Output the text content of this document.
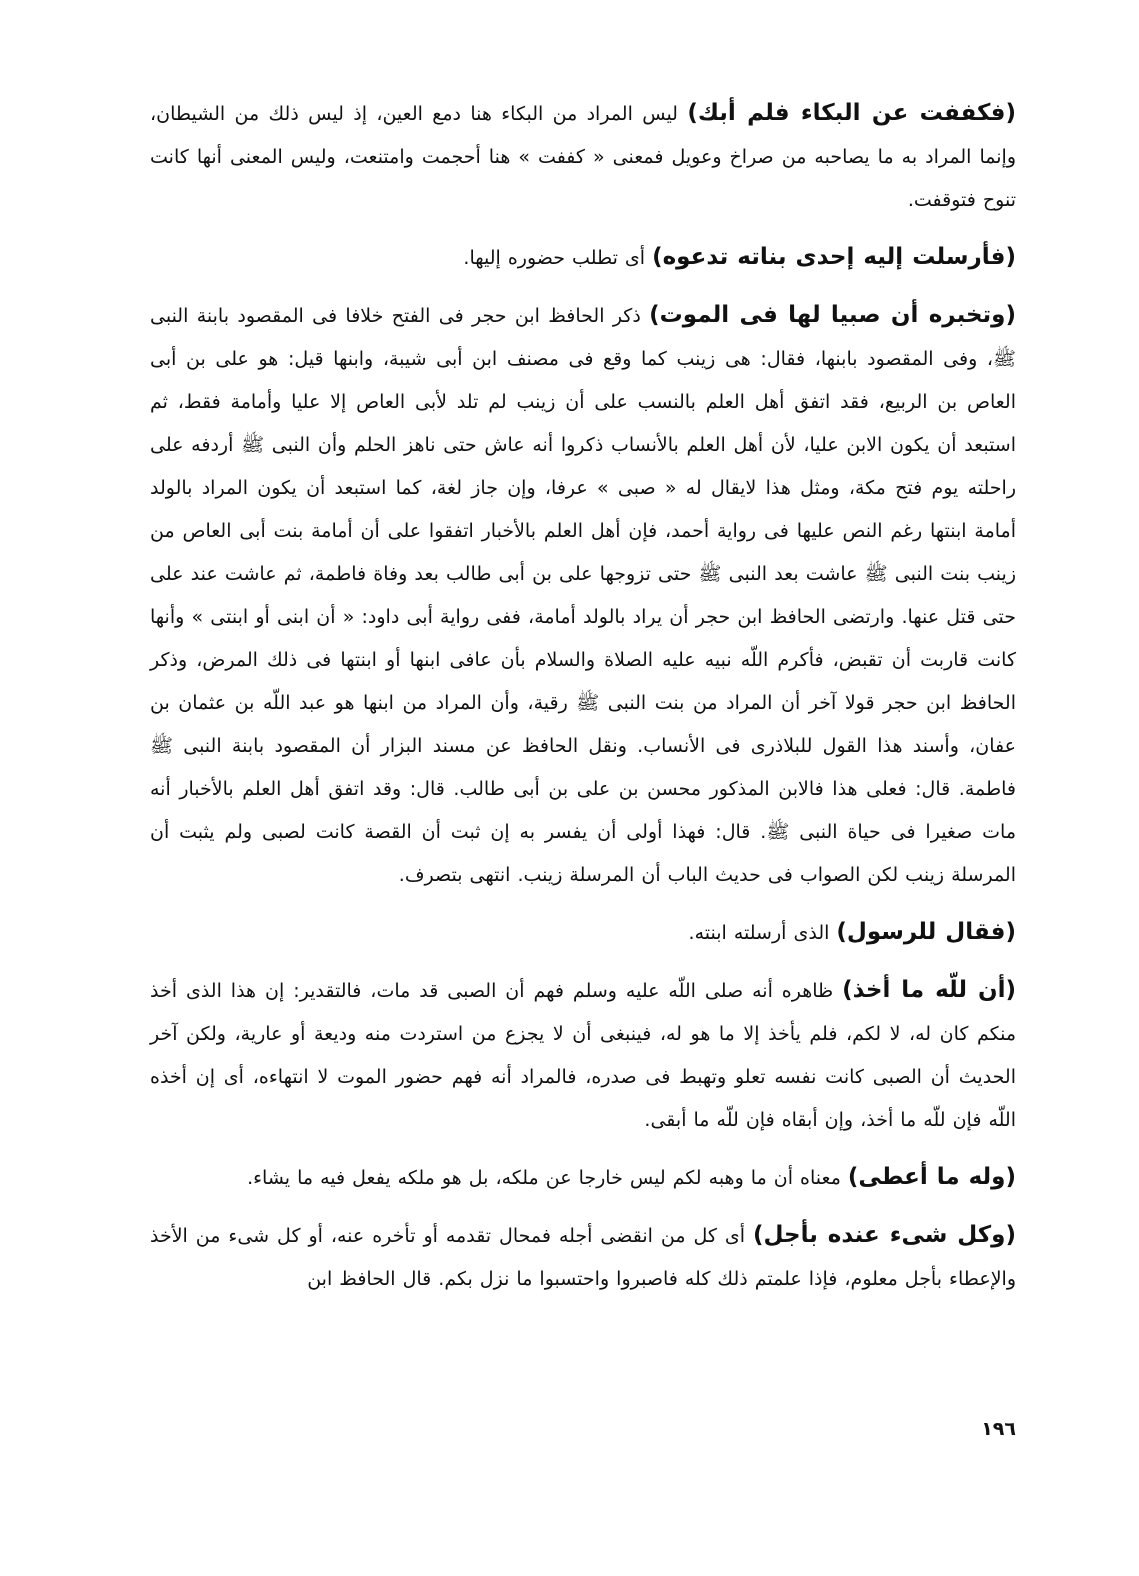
(فكففت عن البكاء فلم أبك) ليس المراد من البكاء هنا دمع العين، إذ ليس ذلك من الشيطان، وإنما المراد به ما يصاحبه من صراخ وعويل فمعنى « كففت » هنا أحجمت وامتنعت، وليس المعنى أنها كانت تنوح فتوقفت.

(فأرسلت إليه إحدى بناته تدعوه) أى تطلب حضوره إليها.

(وتخبره أن صبيا لها فى الموت) ذكر الحافظ ابن حجر فى الفتح خلافا فى المقصود بابنة النبى ﷺ، وفى المقصود بابنها، فقال: هى زينب كما وقع فى مصنف ابن أبى شيبة، وابنها قيل: هو على بن أبى العاص بن الربيع، فقد اتفق أهل العلم بالنسب على أن زينب لم تلد لأبى العاص إلا عليا وأمامة فقط، ثم استبعد أن يكون الابن عليا، لأن أهل العلم بالأنساب ذكروا أنه عاش حتى ناهز الحلم وأن النبى ﷺ أردفه على راحلته يوم فتح مكة، ومثل هذا لايقال له « صبى » عرفا، وإن جاز لغة، كما استبعد أن يكون المراد بالولد أمامة ابنتها رغم النص عليها فى رواية أحمد، فإن أهل العلم بالأخبار اتفقوا على أن أمامة بنت أبى العاص من زينب بنت النبى ﷺ عاشت بعد النبى ﷺ حتى تزوجها على بن أبى طالب بعد وفاة فاطمة، ثم عاشت عند على حتى قتل عنها. وارتضى الحافظ ابن حجر أن يراد بالولد أمامة، ففى رواية أبى داود: « أن ابنى أو ابنتى » وأنها كانت قاربت أن تقبض، فأكرم اللّه نبيه عليه الصلاة والسلام بأن عافى ابنها أو ابنتها فى ذلك المرض، وذكر الحافظ ابن حجر قولا آخر أن المراد من بنت النبى ﷺ رقية، وأن المراد من ابنها هو عبد اللّه بن عثمان بن عفان، وأسند هذا القول للبلاذرى فى الأنساب. ونقل الحافظ عن مسند البزار أن المقصود بابنة النبى ﷺ فاطمة. قال: فعلى هذا فالابن المذكور محسن بن على بن أبى طالب. قال: وقد اتفق أهل العلم بالأخبار أنه مات صغيرا فى حياة النبى ﷺ. قال: فهذا أولى أن يفسر به إن ثبت أن القصة كانت لصبى ولم يثبت أن المرسلة زينب لكن الصواب فى حديث الباب أن المرسلة زينب. انتهى بتصرف.

(فقال للرسول) الذى أرسلته ابنته.

(أن للّه ما أخذ) ظاهره أنه صلى اللّه عليه وسلم فهم أن الصبى قد مات، فالتقدير: إن هذا الذى أخذ منكم كان له، لا لكم، فلم يأخذ إلا ما هو له، فينبغى أن لا يجزع من استردت منه وديعة أو عارية، ولكن آخر الحديث أن الصبى كانت نفسه تعلو وتهبط فى صدره، فالمراد أنه فهم حضور الموت لا انتهاءه، أى إن أخذه اللّه فإن للّه ما أخذ، وإن أبقاه فإن للّه ما أبقى.

(وله ما أعطى) معناه أن ما وهبه لكم ليس خارجا عن ملكه، بل هو ملكه يفعل فيه ما يشاء.

(وكل شىء عنده بأجل) أى كل من انقضى أجله فمحال تقدمه أو تأخره عنه، أو كل شىء من الأخذ والإعطاء بأجل معلوم، فإذا علمتم ذلك كله فاصبروا واحتسبوا ما نزل بكم. قال الحافظ ابن

١٩٦
